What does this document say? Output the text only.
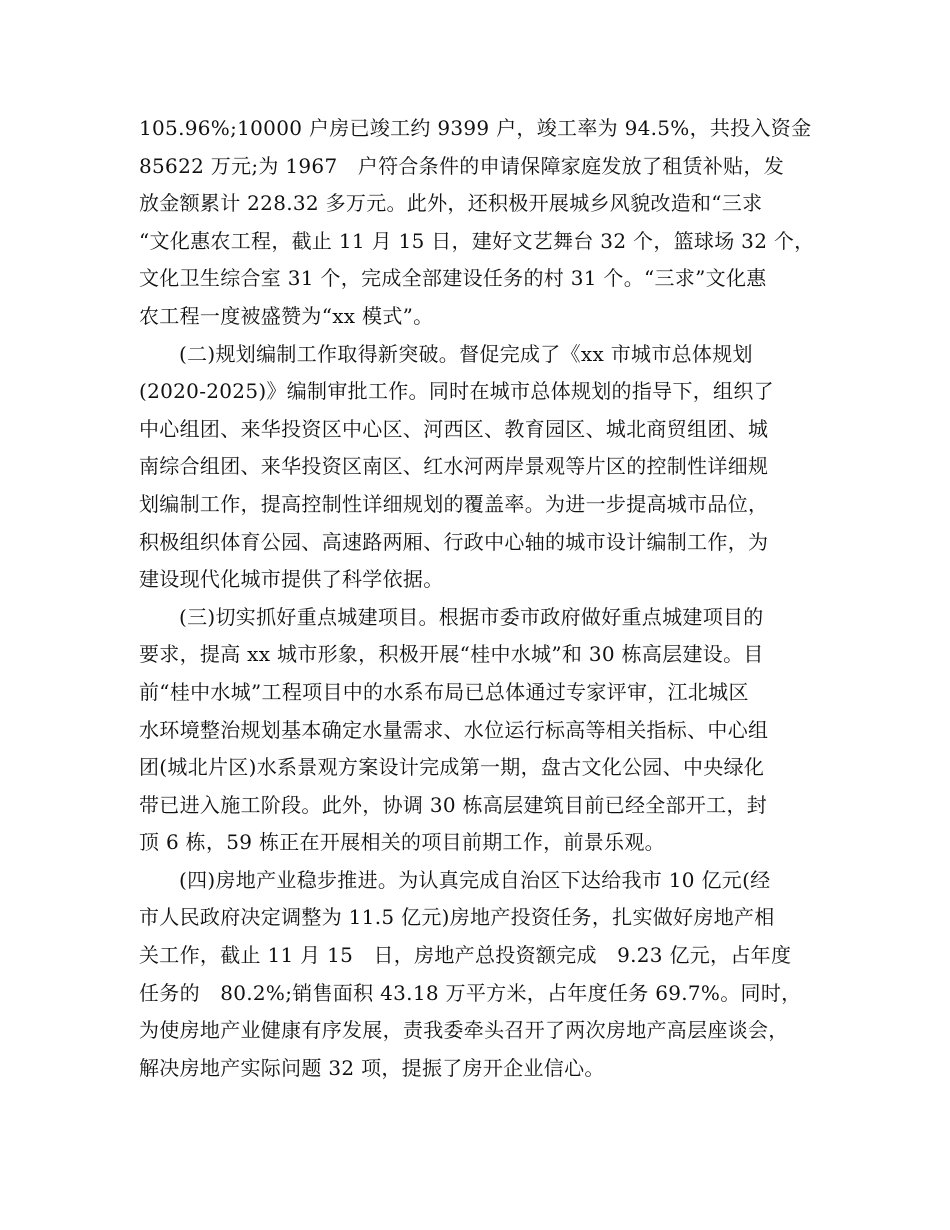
105.96%;10000 户房已竣工约 9399 户，竣工率为 94.5%，共投入资金
85622 万元;为 1967　户符合条件的申请保障家庭发放了租赁补贴，发
放金额累计 228.32 多万元。此外，还积极开展城乡风貌改造和“三求
“文化惠农工程，截止 11 月 15 日，建好文艺舞台 32 个，篮球场 32 个，
文化卫生综合室 31 个，完成全部建设任务的村 31 个。“三求”文化惠
农工程一度被盛赞为“xx 模式”。
(二)规划编制工作取得新突破。督促完成了《xx 市城市总体规划
(2020-2025)》编制审批工作。同时在城市总体规划的指导下，组织了
中心组团、来华投资区中心区、河西区、教育园区、城北商贸组团、城
南综合组团、来华投资区南区、红水河两岸景观等片区的控制性详细规
划编制工作，提高控制性详细规划的覆盖率。为进一步提高城市品位，
积极组织体育公园、高速路两厢、行政中心轴的城市设计编制工作，为
建设现代化城市提供了科学依据。
(三)切实抓好重点城建项目。根据市委市政府做好重点城建项目的
要求，提高 xx 城市形象，积极开展“桂中水城”和 30 栋高层建设。目
前“桂中水城”工程项目中的水系布局已总体通过专家评审，江北城区
水环境整治规划基本确定水量需求、水位运行标高等相关指标、中心组
团(城北片区)水系景观方案设计完成第一期，盘古文化公园、中央绿化
带已进入施工阶段。此外，协调 30 栋高层建筑目前已经全部开工，封
顶 6 栋，59 栋正在开展相关的项目前期工作，前景乐观。
(四)房地产业稳步推进。为认真完成自治区下达给我市 10 亿元(经
市人民政府决定调整为 11.5 亿元)房地产投资任务，扎实做好房地产相
关工作，截止 11 月 15　日，房地产总投资额完成　9.23 亿元，占年度
任务的　80.2%;销售面积 43.18 万平方米，占年度任务 69.7%。同时，
为使房地产业健康有序发展，责我委牵头召开了两次房地产高层座谈会，
解决房地产实际问题 32 项，提振了房开企业信心。
